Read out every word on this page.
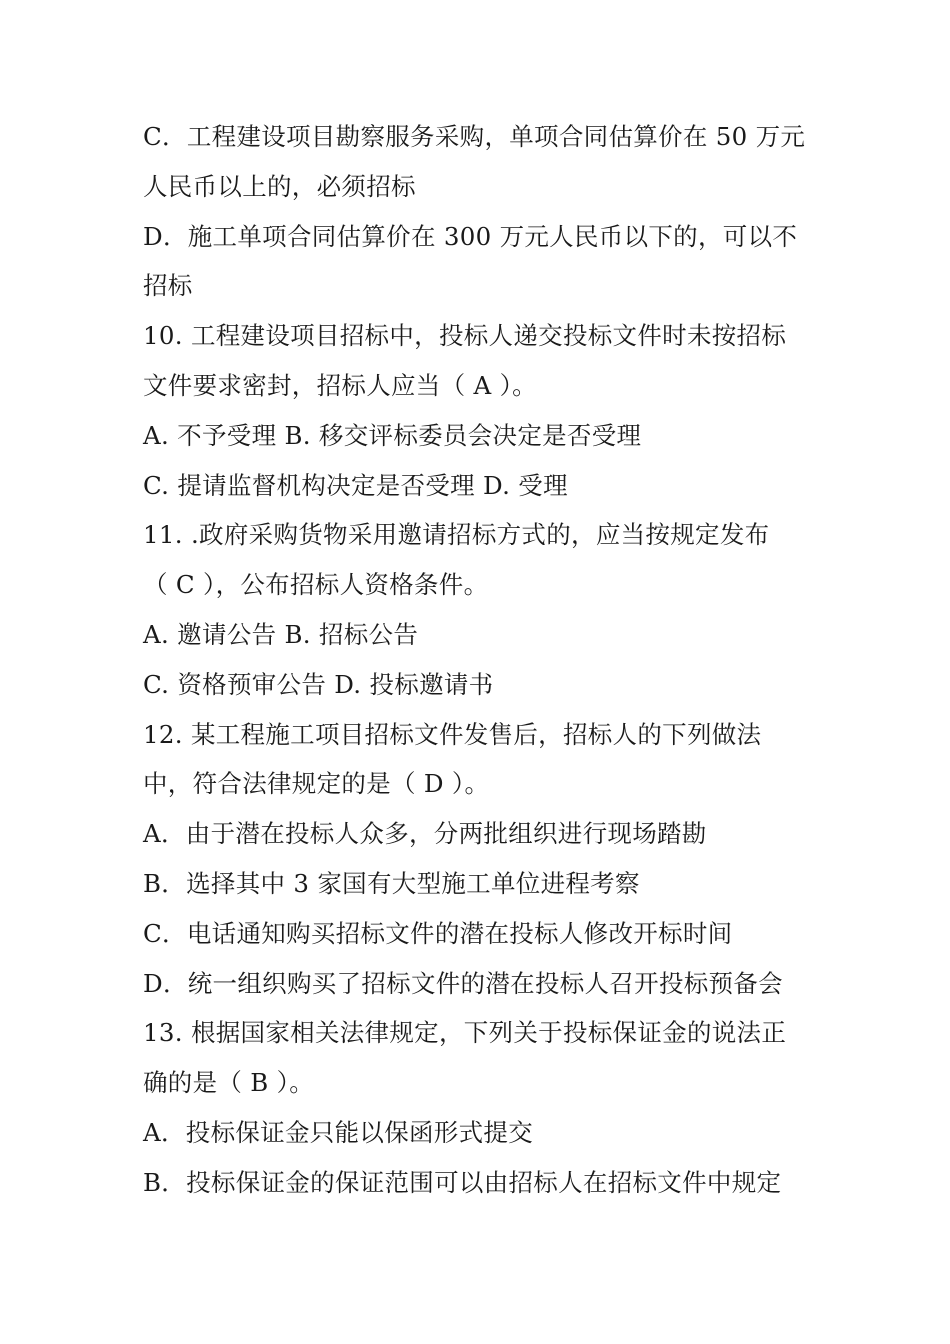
C．工程建设项目勘察服务采购，单项合同估算价在 50 万元
人民币以上的，必须招标
D．施工单项合同估算价在 300 万元人民币以下的，可以不
招标
10. 工程建设项目招标中，投标人递交投标文件时未按招标
文件要求密封，招标人应当（ A ）。
A. 不予受理 B. 移交评标委员会决定是否受理
C. 提请监督机构决定是否受理 D. 受理
11. .政府采购货物采用邀请招标方式的，应当按规定发布
（ C ），公布招标人资格条件。
A. 邀请公告 B. 招标公告
C. 资格预审公告 D. 投标邀请书
12. 某工程施工项目招标文件发售后，招标人的下列做法
中，符合法律规定的是（ D ）。
A．由于潜在投标人众多，分两批组织进行现场踏勘
B．选择其中 3 家国有大型施工单位进程考察
C．电话通知购买招标文件的潜在投标人修改开标时间
D．统一组织购买了招标文件的潜在投标人召开投标预备会
13. 根据国家相关法律规定，下列关于投标保证金的说法正
确的是（ B ）。
A．投标保证金只能以保函形式提交
B．投标保证金的保证范围可以由招标人在招标文件中规定
